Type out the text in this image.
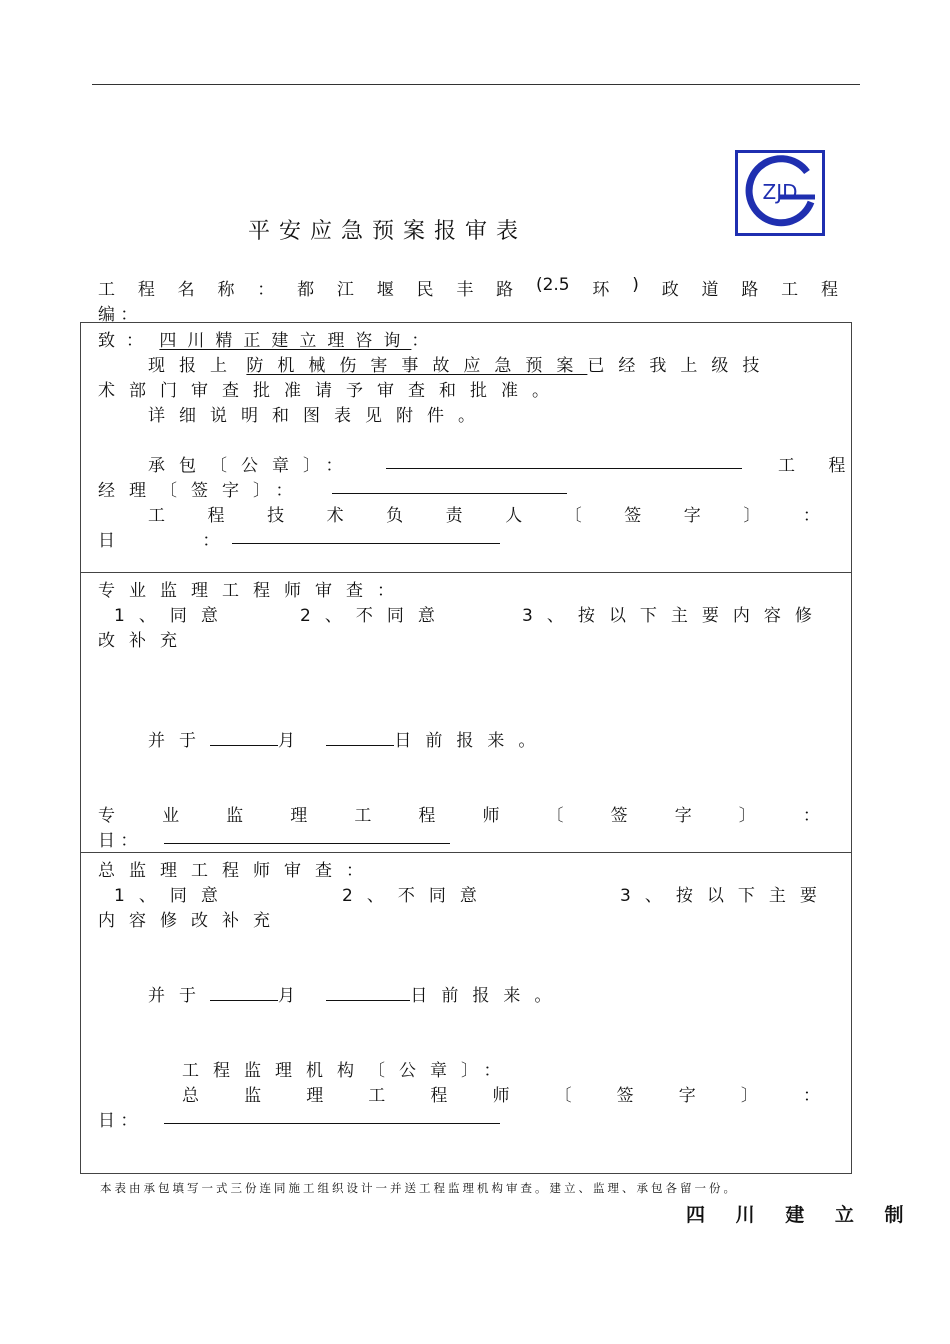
平安应急预案报审表
ZJD
工 程 名 称 ： 都 江 堰 民 丰 路 (2.5 环 ) 政 道 路 工 程
编 ：
致： 四川精正建立理咨询：
现报上 防机械伤害事故应急预案已经我上级技
术部门审查批准请予审查和批准。
详细说明和图表见附件。
承包〔公章〕：	工 程
经理〔签字〕：
工	程	技	术	负	责	人	〔	签	字	〕	：
日	：
专业监理工程师审查：
1、同意	2、不同意	3、按以下主要内容修
改补充
并于	月	日前报来。
专	业	监	理	工	程	师	〔	签	字	〕	：
日 ：
总监理工程师审查：
1、同意	2、不同意	3、按以下主要
内容修改补充
并于	月	日前报来。
工程监理机构〔公章〕：
总	监	理	工	程	师	〔	签	字	〕	：
日 ：
本表由承包填写一式三份连同施工组织设计一并送工程监理机构审查。建立、监理、承包各留一份。
四 川 建 立 制
